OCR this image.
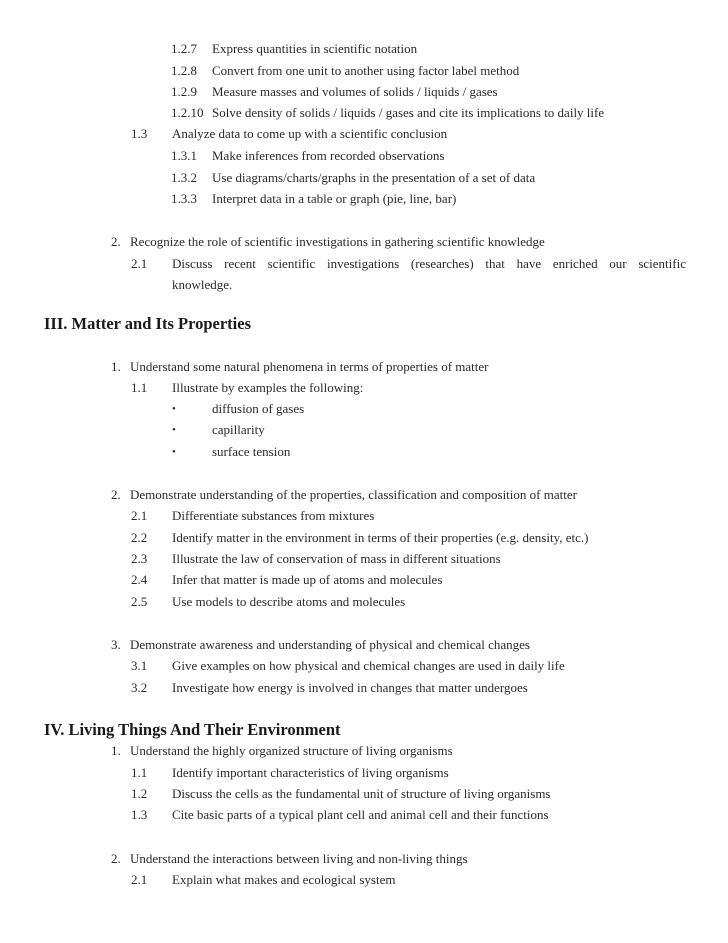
1.2.7 Express quantities in scientific notation
1.2.8 Convert from one unit to another using factor label method
1.2.9 Measure masses and volumes of solids / liquids / gases
1.2.10 Solve density of solids / liquids / gases and cite its implications to daily life
1.3 Analyze data to come up with a scientific conclusion
1.3.1 Make inferences from recorded observations
1.3.2 Use diagrams/charts/graphs in the presentation of a set of data
1.3.3 Interpret data in a table or graph (pie, line, bar)
2. Recognize the role of scientific investigations in gathering scientific knowledge
2.1 Discuss recent scientific investigations (researches) that have enriched our scientific
knowledge.
III. Matter and Its Properties
1. Understand some natural phenomena in terms of properties of matter
1.1 Illustrate by examples the following:
•	diffusion of gases
•	capillarity
•	surface tension
2. Demonstrate understanding of the properties, classification and composition of matter
2.1 Differentiate substances from mixtures
2.2 Identify matter in the environment in terms of their properties (e.g. density, etc.)
2.3 Illustrate the law of conservation of mass in different situations
2.4 Infer that matter is made up of atoms and molecules
2.5 Use models to describe atoms and molecules
3. Demonstrate awareness and understanding of physical and chemical changes
3.1 Give examples on how physical and chemical changes are used in daily life
3.2 Investigate how energy is involved in changes that matter undergoes
IV. Living Things And Their Environment
1. Understand the highly organized structure of living organisms
1.1 Identify important characteristics of living organisms
1.2 Discuss the cells as the fundamental unit of structure of living organisms
1.3 Cite basic parts of a typical plant cell and animal cell and their functions
2. Understand the interactions between living and non-living things
2.1 Explain what makes and ecological system
